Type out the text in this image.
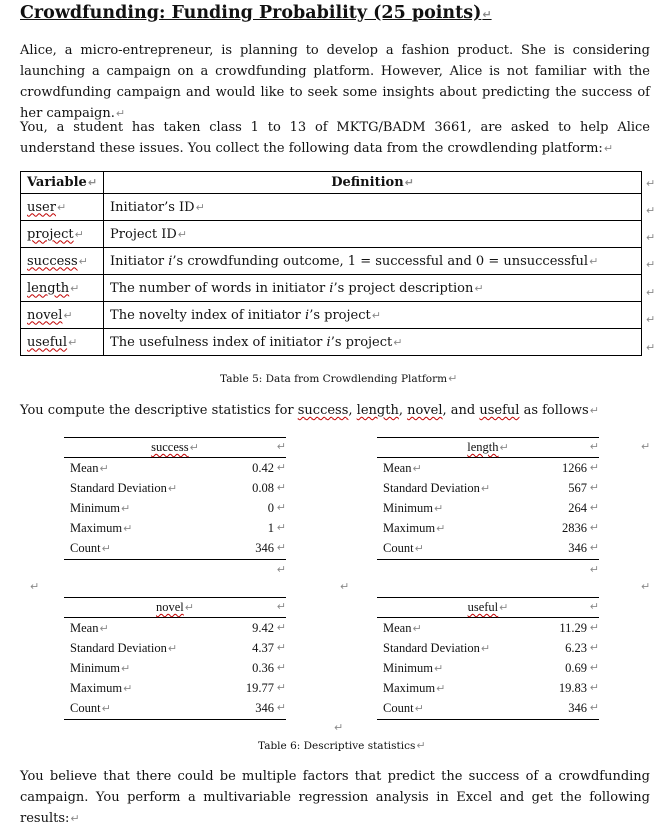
Crowdfunding: Funding Probability (25 points)↵
Alice, a micro-entrepreneur, is planning to develop a fashion product. She is considering launching a campaign on a crowdfunding platform. However, Alice is not familiar with the crowdfunding campaign and would like to seek some insights about predicting the success of her campaign.↵
You, a student has taken class 1 to 13 of MKTG/BADM 3661, are asked to help Alice understand these issues. You collect the following data from the crowdlending platform:↵
Variable↵	Definition↵
user↵	Initiator’s ID↵
project↵	Project ID↵
success↵	Initiator i’s crowdfunding outcome, 1 = successful and 0 = unsuccessful↵
length↵	The number of words in initiator i’s project description↵
novel↵	The novelty index of initiator i’s project↵
useful↵	The usefulness index of initiator i’s project↵
↵
↵
↵
↵
↵
↵
↵
Table 5: Data from Crowdlending Platform↵
You compute the descriptive statistics for success, length, novel, and useful as follows↵
success↵	↵
Mean↵	0.42 ↵
Standard Deviation↵	0.08 ↵
Minimum↵	0 ↵
Maximum↵	1 ↵
Count↵	346 ↵
↵
length↵	↵
Mean↵	1266 ↵
Standard Deviation↵	567 ↵
Minimum↵	264 ↵
Maximum↵	2836 ↵
Count↵	346 ↵
↵
↵
↵	↵	↵
novel↵	↵
Mean↵	9.42 ↵
Standard Deviation↵	4.37 ↵
Minimum↵	0.36 ↵
Maximum↵	19.77 ↵
Count↵	346 ↵
useful↵	↵
Mean↵	11.29 ↵
Standard Deviation↵	6.23 ↵
Minimum↵	0.69 ↵
Maximum↵	19.83 ↵
Count↵	346 ↵
↵
Table 6: Descriptive statistics↵
You believe that there could be multiple factors that predict the success of a crowdfunding campaign. You perform a multivariable regression analysis in Excel and get the following results:↵
